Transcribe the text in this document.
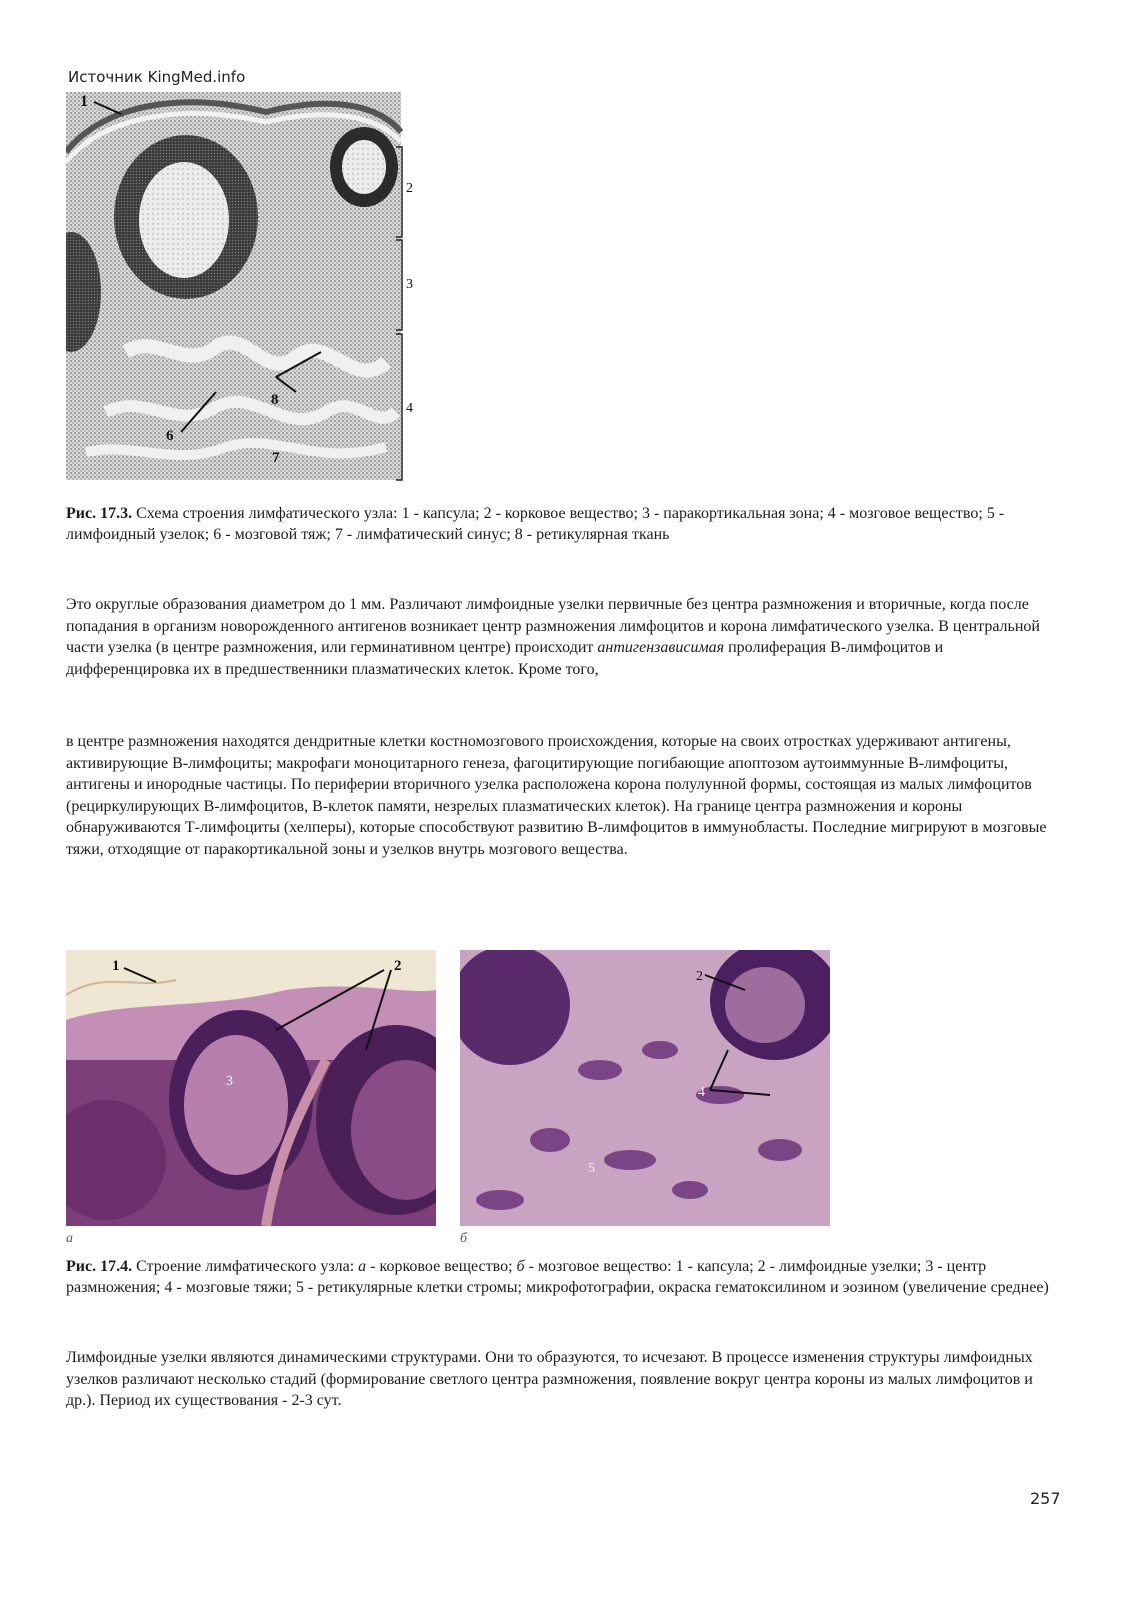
Источник KingMed.info
1
2
3
4
5
6
7
8
Рис. 17.3. Схема строения лимфатического узла: 1 - капсула; 2 - корковое вещество; 3 - паракортикальная зона; 4 - мозговое вещество; 5 - лимфоидный узелок; 6 - мозговой тяж; 7 - лимфатический синус; 8 - ретикулярная ткань
Это округлые образования диаметром до 1 мм. Различают лимфоидные узелки первичные без центра размножения и вторичные, когда после попадания в организм новорожденного антигенов возникает центр размножения лимфоцитов и корона лимфатического узелка. В центральной части узелка (в центре размножения, или герминативном центре) происходит антигензависимая пролиферация В-лимфоцитов и дифференцировка их в предшественники плазматических клеток. Кроме того,
в центре размножения находятся дендритные клетки костномозгового происхождения, которые на своих отростках удерживают антигены, активирующие В-лимфоциты; макрофаги моноцитарного генеза, фагоцитирующие погибающие апоптозом аутоиммунные В-лимфоциты, антигены и инородные частицы. По периферии вторичного узелка расположена корона полулунной формы, состоящая из малых лимфоцитов (рециркулирующих В-лимфоцитов, В-клеток памяти, незрелых плазматических клеток). На границе центра размножения и короны обнаруживаются Т-лимфоциты (хелперы), которые способствуют развитию В-лимфоцитов в иммунобласты. Последние мигрируют в мозговые тяжи, отходящие от паракортикальной зоны и узелков внутрь мозгового вещества.
1	2
3
а
2
4
5
б
Рис. 17.4. Строение лимфатического узла: а - корковое вещество; б - мозговое вещество: 1 - капсула; 2 - лимфоидные узелки; 3 - центр размножения; 4 - мозговые тяжи; 5 - ретикулярные клетки стромы; микрофотографии, окраска гематоксилином и эозином (увеличение среднее)
Лимфоидные узелки являются динамическими структурами. Они то образуются, то исчезают. В процессе изменения структуры лимфоидных узелков различают несколько стадий (формирование светлого центра размножения, появление вокруг центра короны из малых лимфоцитов и др.). Период их существования - 2-3 сут.
257
